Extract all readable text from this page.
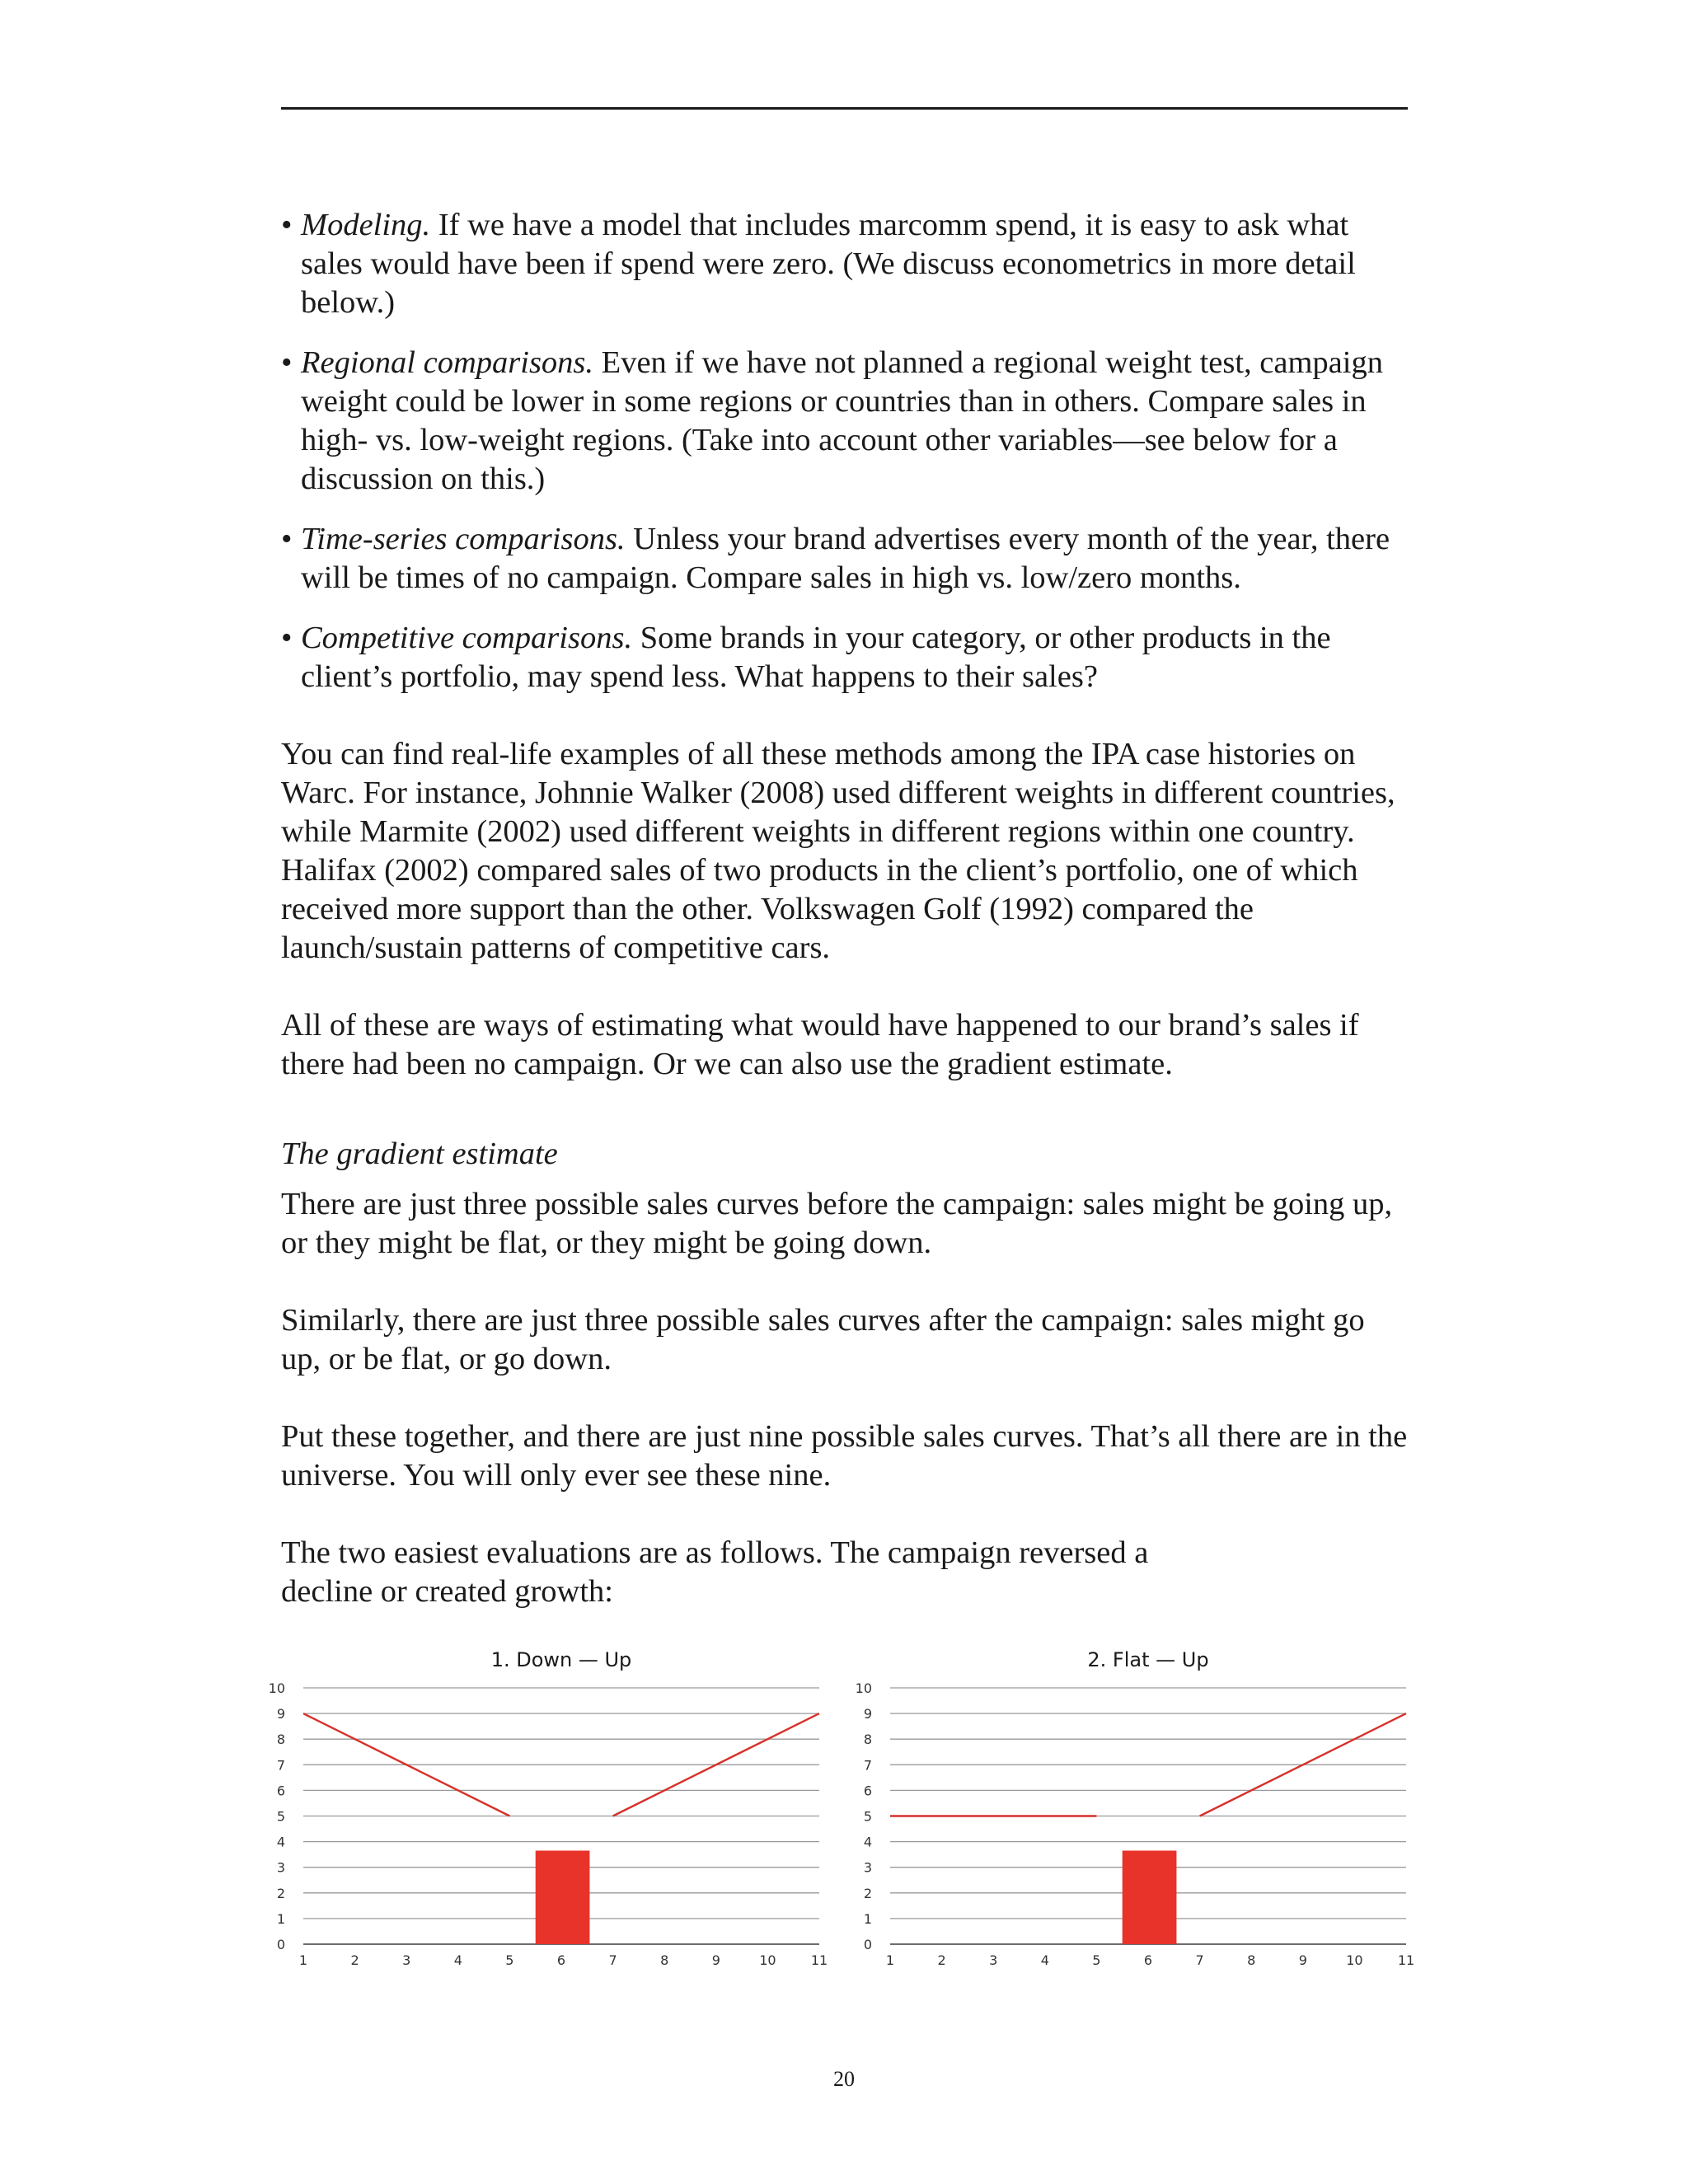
• Modeling. If we have a model that includes marcomm spend, it is easy to ask what sales would have been if spend were zero. (We discuss econometrics in more detail below.)
• Regional comparisons. Even if we have not planned a regional weight test, campaign weight could be lower in some regions or countries than in others. Compare sales in high- vs. low-weight regions. (Take into account other variables—see below for a discussion on this.)
• Time-series comparisons. Unless your brand advertises every month of the year, there will be times of no campaign. Compare sales in high vs. low/zero months.
• Competitive comparisons. Some brands in your category, or other products in the client’s portfolio, may spend less. What happens to their sales?

You can find real-life examples of all these methods among the IPA case histories on Warc. For instance, Johnnie Walker (2008) used different weights in different countries, while Marmite (2002) used different weights in different regions within one country. Halifax (2002) compared sales of two products in the client’s portfolio, one of which received more support than the other. Volkswagen Golf (1992) compared the launch/sustain patterns of competitive cars.

All of these are ways of estimating what would have happened to our brand’s sales if there had been no campaign. Or we can also use the gradient estimate.

The gradient estimate

There are just three possible sales curves before the campaign: sales might be going up, or they might be flat, or they might be going down.

Similarly, there are just three possible sales curves after the campaign: sales might go up, or be flat, or go down.

Put these together, and there are just nine possible sales curves. That’s all there are in the universe. You will only ever see these nine.

The two easiest evaluations are as follows. The campaign reversed a decline or created growth:

1. Down — Up
0
1
2
3
4
5
6
7
8
9
10
1	2	3	4	5	6	7	8	9	10	11
2. Flat — Up
0
1
2
3
4
5
6
7
8
9
10
1	2	3	4	5	6	7	8	9	10	11
20
